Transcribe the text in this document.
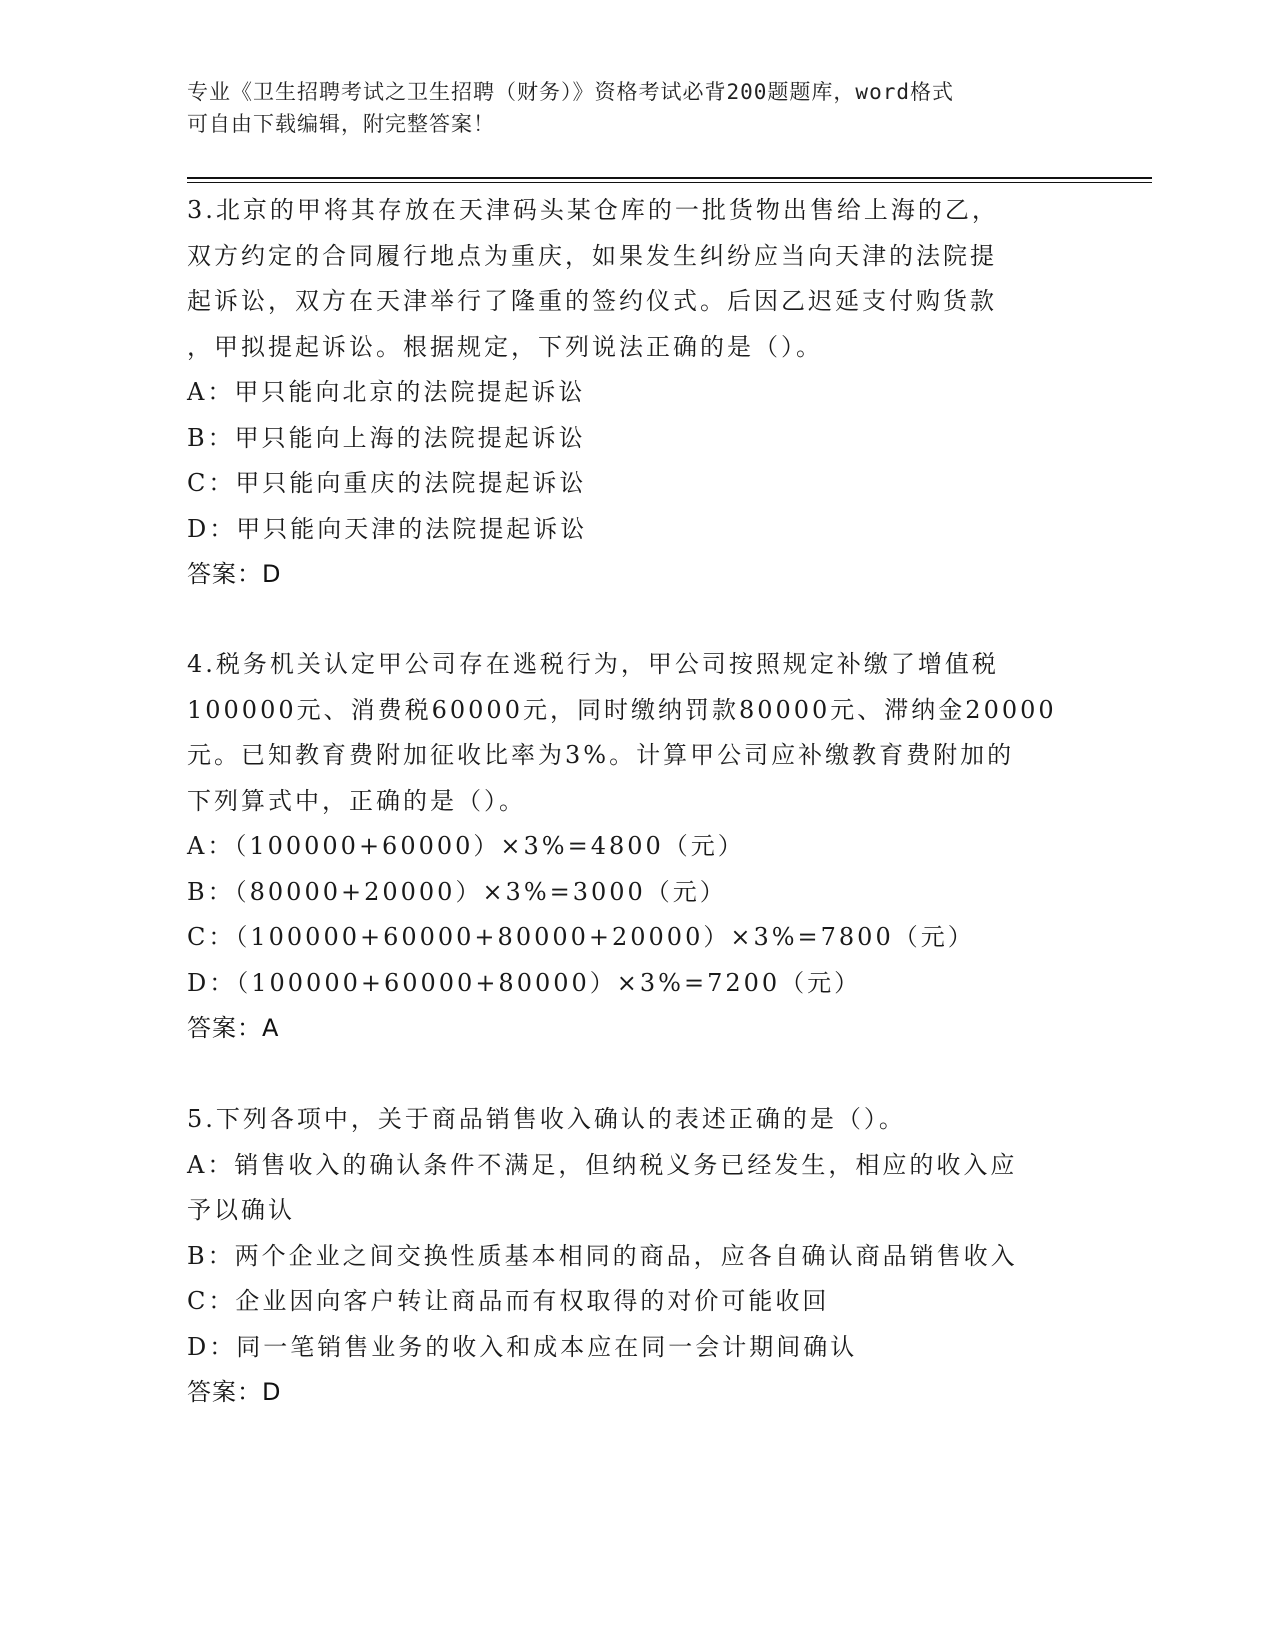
专业《卫生招聘考试之卫生招聘（财务）》资格考试必背200题题库，word格式
可自由下载编辑，附完整答案！
3.北京的甲将其存放在天津码头某仓库的一批货物出售给上海的乙，
双方约定的合同履行地点为重庆，如果发生纠纷应当向天津的法院提
起诉讼，双方在天津举行了隆重的签约仪式。后因乙迟延支付购货款
，甲拟提起诉讼。根据规定，下列说法正确的是（）。
A：甲只能向北京的法院提起诉讼
B：甲只能向上海的法院提起诉讼
C：甲只能向重庆的法院提起诉讼
D：甲只能向天津的法院提起诉讼
答案：D
4.税务机关认定甲公司存在逃税行为，甲公司按照规定补缴了增值税
100000元、消费税60000元，同时缴纳罚款80000元、滞纳金20000
元。已知教育费附加征收比率为3%。计算甲公司应补缴教育费附加的
下列算式中，正确的是（）。
A：（100000+60000）×3%=4800（元）
B：（80000+20000）×3%=3000（元）
C：（100000+60000+80000+20000）×3%=7800（元）
D：（100000+60000+80000）×3%=7200（元）
答案：A
5.下列各项中，关于商品销售收入确认的表述正确的是（）。
A：销售收入的确认条件不满足，但纳税义务已经发生，相应的收入应
予以确认
B：两个企业之间交换性质基本相同的商品，应各自确认商品销售收入
C：企业因向客户转让商品而有权取得的对价可能收回
D：同一笔销售业务的收入和成本应在同一会计期间确认
答案：D
